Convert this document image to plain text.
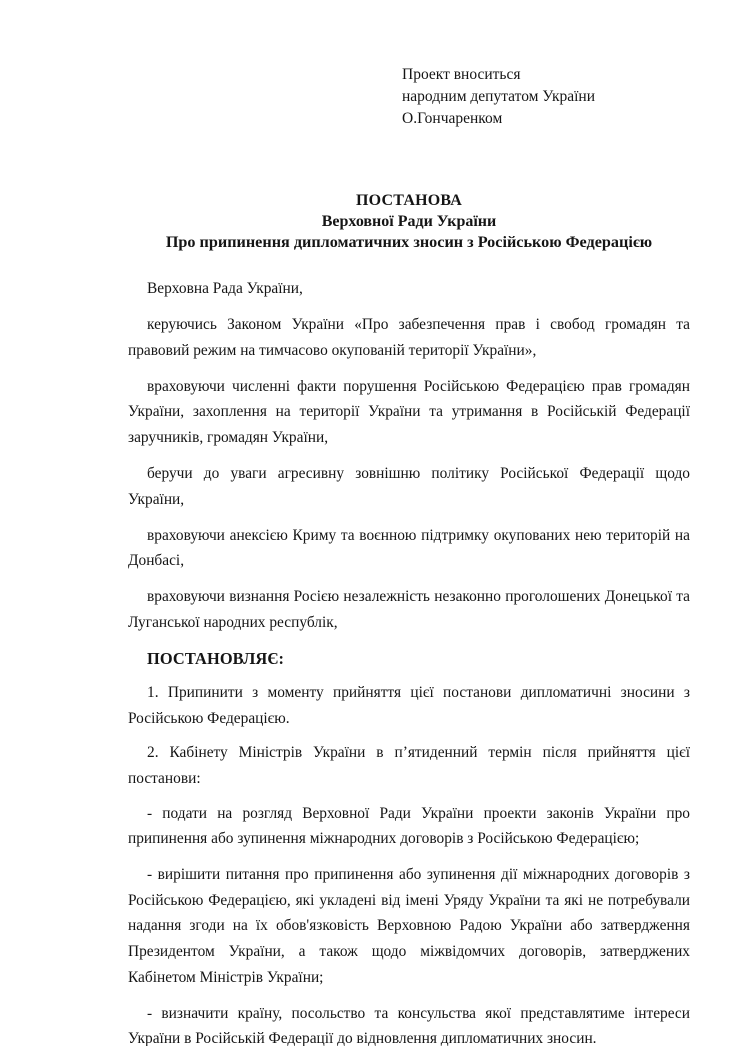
Проект вноситься
народним депутатом України
О.Гончаренком
ПОСТАНОВА
Верховної Ради України
Про припинення дипломатичних зносин з Російською Федерацією

Верховна Рада України,

керуючись Законом України «Про забезпечення прав і свобод громадян та правовий режим на тимчасово окупованій території України»,

враховуючи численні факти порушення Російською Федерацією прав громадян України, захоплення на території України та утримання в Російській Федерації заручників, громадян України,

беручи до уваги агресивну зовнішню політику Російської Федерації щодо України,

враховуючи анексією Криму та воєнною підтримку окупованих нею територій на Донбасі,

враховуючи визнання Росією незалежність незаконно проголошених Донецької та Луганської народних республік,

ПОСТАНОВЛЯЄ:

1. Припинити з моменту прийняття цієї постанови дипломатичні зносини з Російською Федерацією.

2. Кабінету Міністрів України в п’ятиденний термін після прийняття цієї постанови:

- подати на розгляд Верховної Ради України проекти законів України про припинення або зупинення міжнародних договорів з Російською Федерацією;

- вирішити питання про припинення або зупинення дії міжнародних договорів з Російською Федерацією, які укладені від імені Уряду України та які не потребували надання згоди на їх обов'язковість Верховною Радою України або затвердження Президентом України, а також щодо міжвідомчих договорів, затверджених Кабінетом Міністрів України;

- визначити країну, посольство та консульства якої представлятиме інтереси України в Російській Федерації до відновлення дипломатичних зносин.
